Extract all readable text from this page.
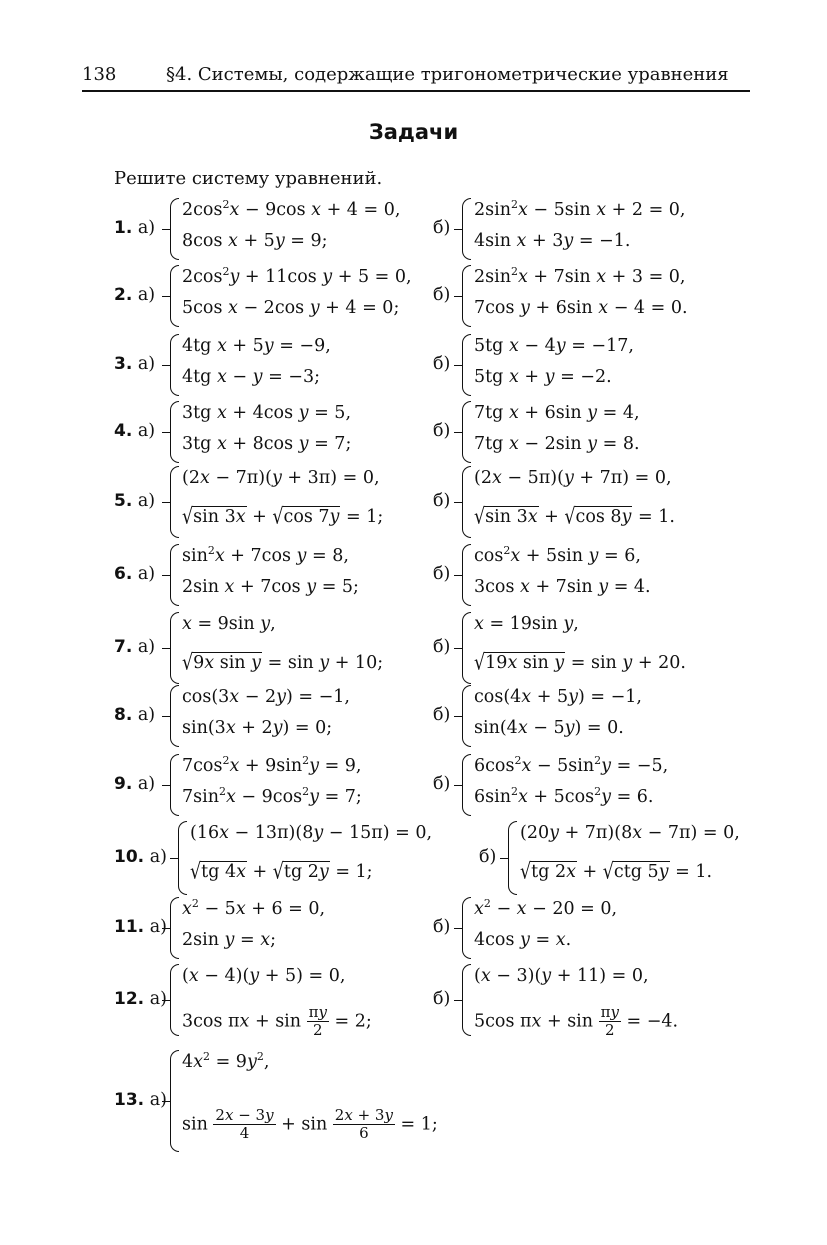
138	§4. Системы, содержащие тригонометрические уравнения
Задачи
Решите систему уравнений.
1. а)
$2\cos^2x - 9\cos$ x + 4 = 0,
8cos x + 5y = 9;
б)
$2\sin^2x - 5\sin$ x + 2 = 0,
4sin x + 3y = −1.
2. а)
$2\cos^2y + 11\cos$ y + 5 = 0,
5cos x − 2cos y + 4 = 0;
б)
$2\sin^2x + 7\sin$ x + 3 = 0,
7cos y + 6sin x − 4 = 0.
3. а)
4tg x + 5y = −9,
4tg x − y = −3;
б)
5tg x − 4y = −17,
5tg x + y = −2.
4. а)
3tg x + 4cos y = 5,
3tg x + 8cos y = 7;
б)
7tg x + 6sin y = 4,
7tg x − 2sin y = 8.
5. а)
(2x − 7π)(y + 3π) = 0,
√sin 3x + √cos 7y = 1;
б)
(2x − 5π)(y + 7π) = 0,
√sin 3x + √cos 8y = 1.
6. а)
$\sin^2x + 7\cos$ y = 8,
2sin x + 7cos y = 5;
б)
$\cos^2x + 5\sin$ y = 6,
3cos x + 7sin y = 4.
7. а)
x = 9sin y,
√9x sin y = sin y + 10;
б)
x = 19sin y,
√19x sin y = sin y + 20.
8. а)
cos(3x − 2y) = −1,
sin(3x + 2y) = 0;
б)
cos(4x + 5y) = −1,
sin(4x − 5y) = 0.
9. а)
$7\cos^2x + 9\sin^2y = 9$,
$7\sin^2x - 9\cos^2y = 7$;
б)
$6\cos^2x - 5\sin^2y = -5$,
$6\sin^2x + 5\cos^2y = 6$.
10. а)
(16x − 13π)(8y − 15π) = 0,
√tg 4x + √tg 2y = 1;
б)
(20y + 7π)(8x − 7π) = 0,
√tg 2x + √ctg 5y = 1.
11. а)
$x^2 - 5x + 6 = 0$,
2sin y = x;
б)
$x^2 - x - 20 = 0$,
4cos y = x.
12. а)
(x − 4)(y + 5) = 0,
3cos $\pi x + \sin \frac{\pi y}{2} = 2$;
б)
(x − 3)(y + 11) = 0,
5cos $\pi x + \sin \frac{\pi y}{2} = -4$.
13. а)
$4x^2 = 9y^2$,
$\sin \frac{2x - 3y}{4} + \sin \frac{2x + 3y}{6} = 1$;
